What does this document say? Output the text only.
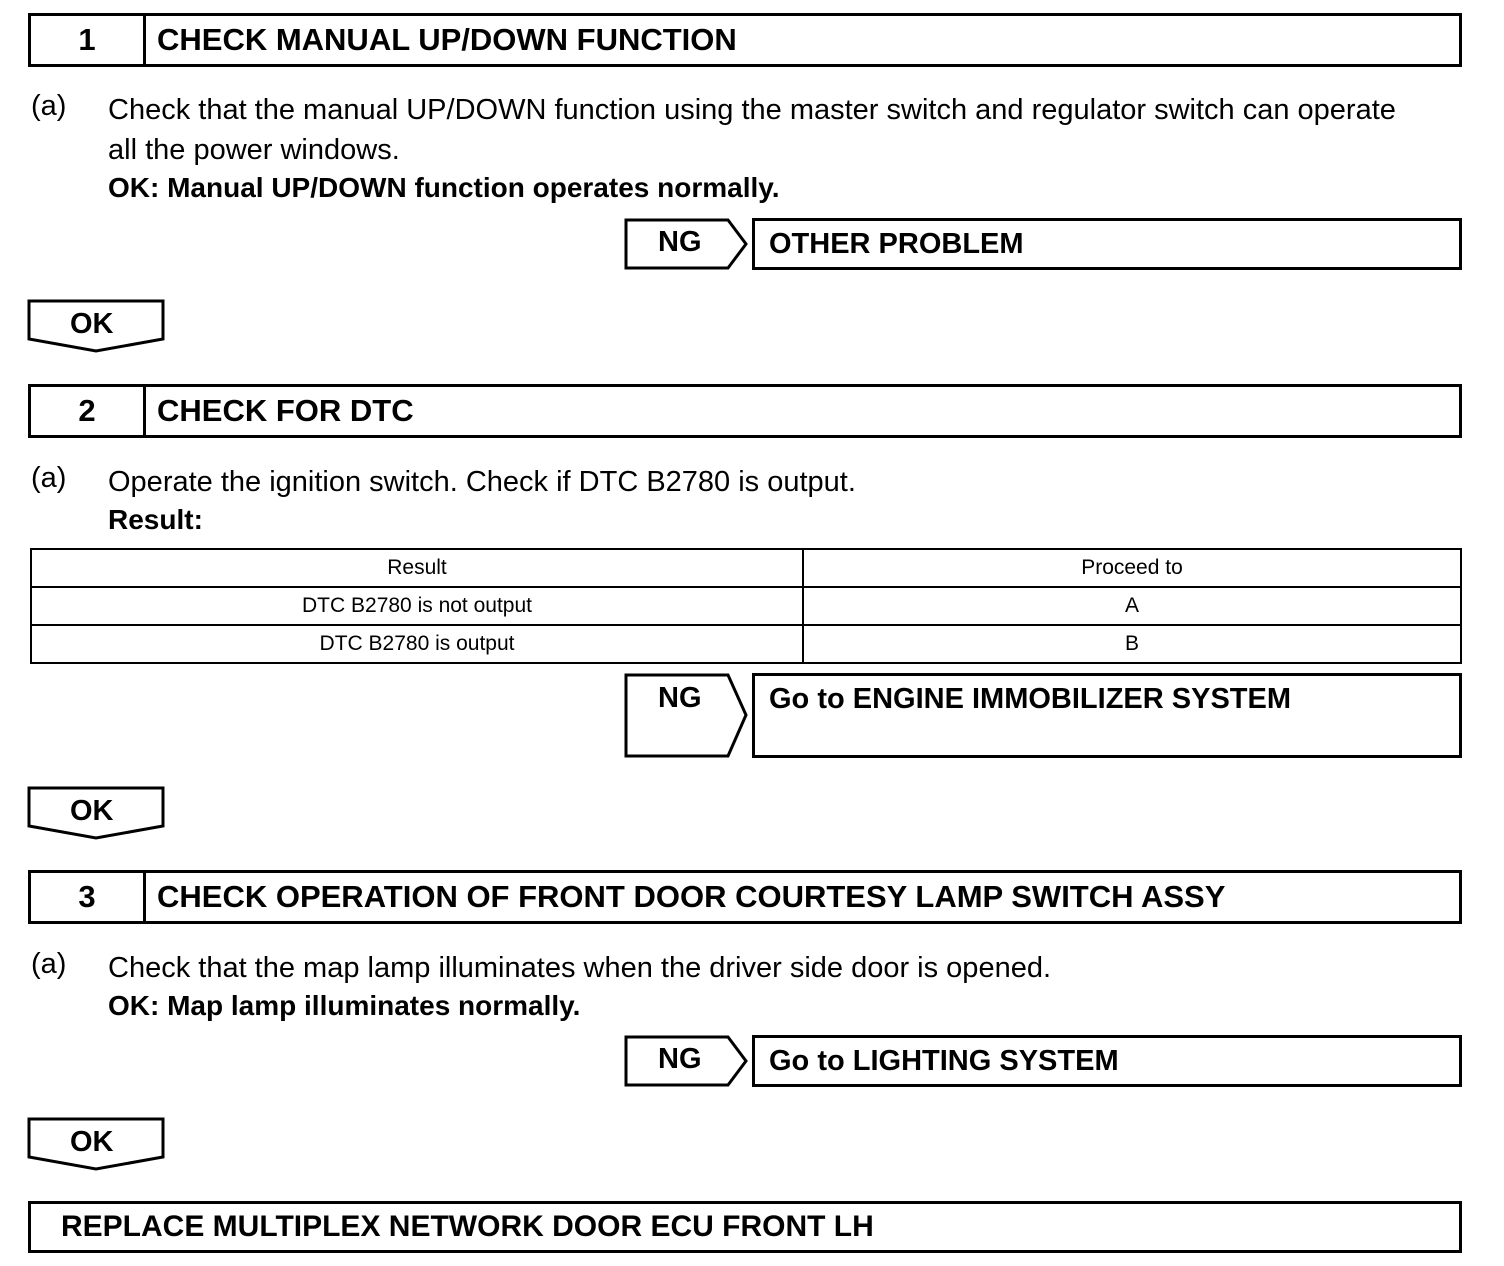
1	CHECK MANUAL UP/DOWN FUNCTION
(a) Check that the manual UP/DOWN function using the master switch and regulator switch can operate
all the power windows.
OK: Manual UP/DOWN function operates normally.
NG	OTHER PROBLEM
OK
2	CHECK FOR DTC
(a) Operate the ignition switch. Check if DTC B2780 is output.
Result:
Result	Proceed to
DTC B2780 is not output	A
DTC B2780 is output	B
NG	Go to ENGINE IMMOBILIZER SYSTEM
OK
3	CHECK OPERATION OF FRONT DOOR COURTESY LAMP SWITCH ASSY
(a) Check that the map lamp illuminates when the driver side door is opened.
OK: Map lamp illuminates normally.
NG	Go to LIGHTING SYSTEM
OK
REPLACE MULTIPLEX NETWORK DOOR ECU FRONT LH
